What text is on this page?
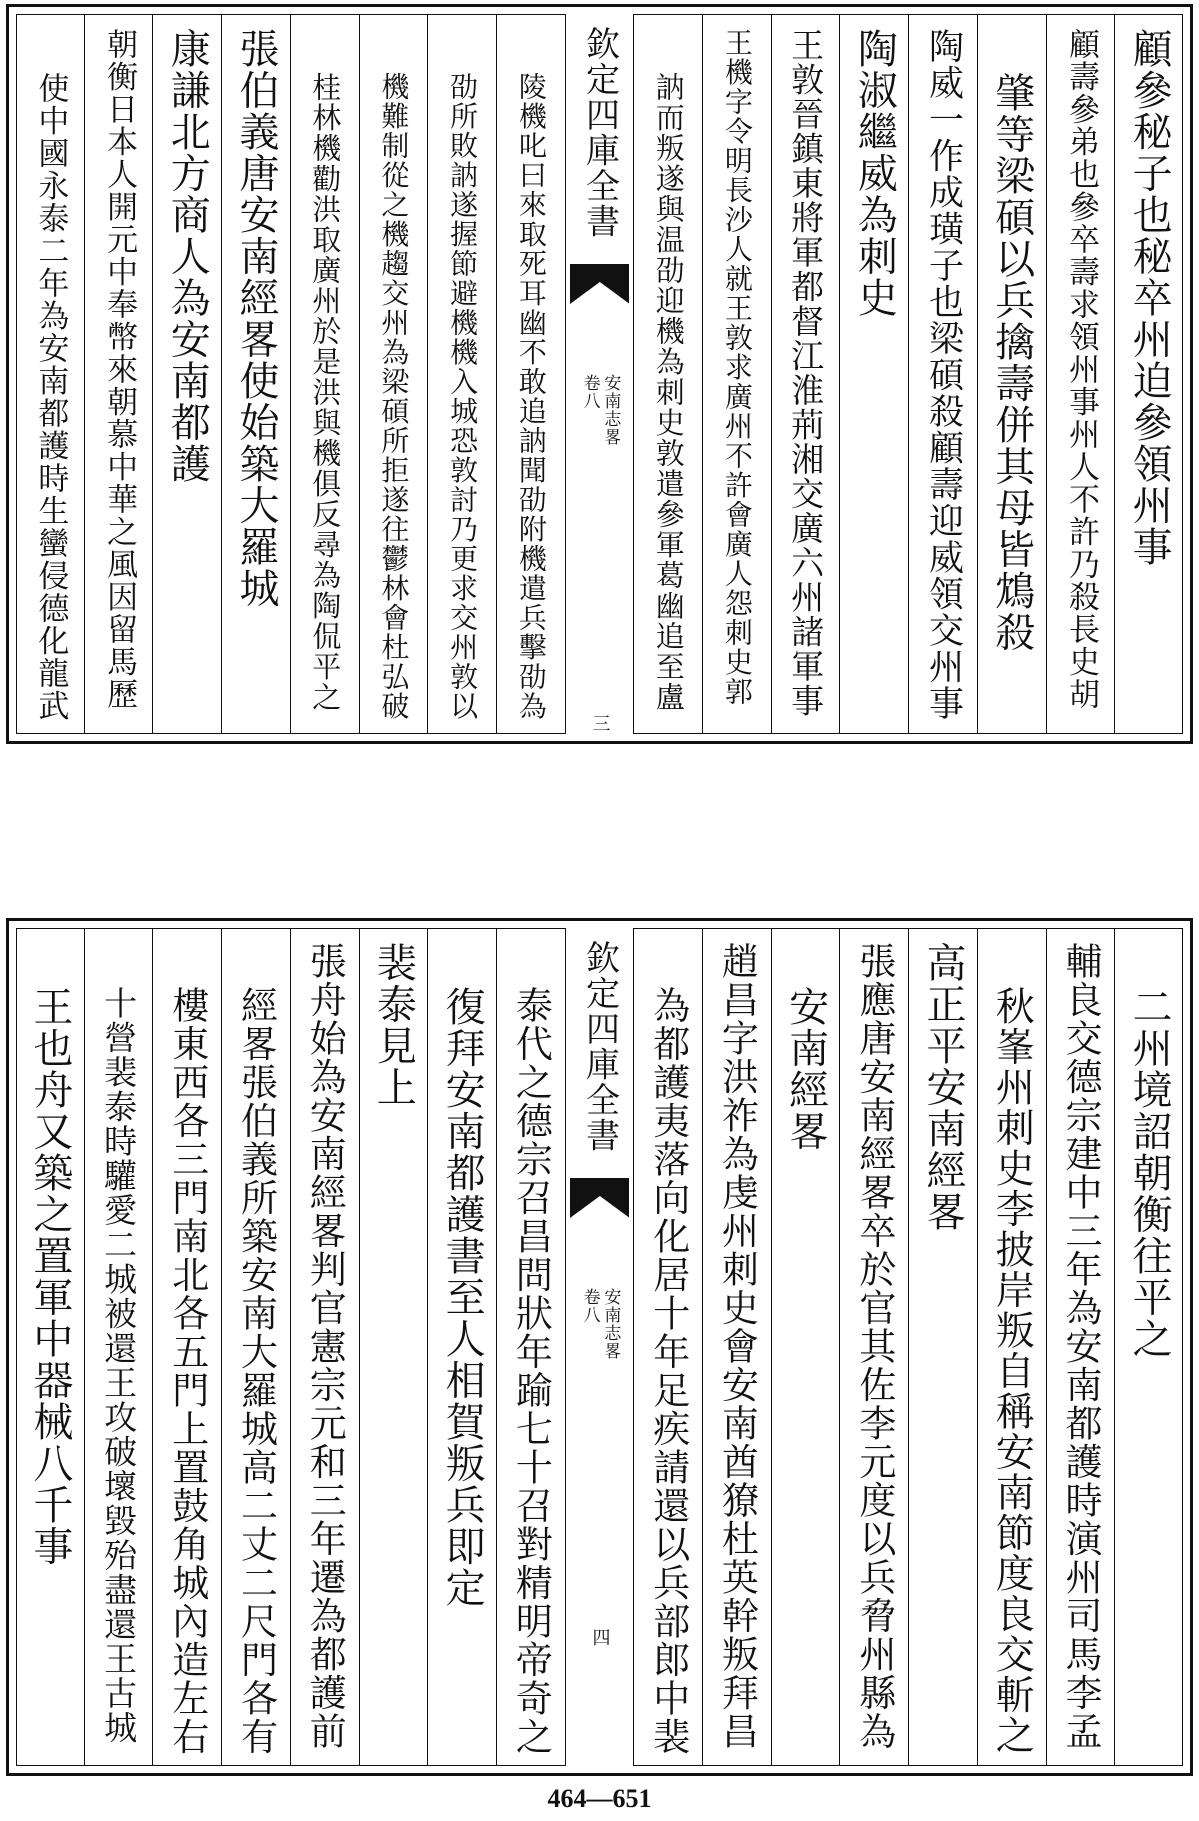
顧參秘子也秘卒州迫參領州事
顧壽參弟也參卒壽求領州事州人不許乃殺長史胡
肇等梁碩以兵擒壽併其母皆鴆殺
陶威一作成璜子也梁碩殺顧壽迎威領交州事
陶淑繼威為刺史
王敦晉鎮東將軍都督江淮荊湘交廣六州諸軍事
王機字令明長沙人就王敦求廣州不許會廣人怨刺史郭
訥而叛遂與温劭迎機為刺史敦遣參軍葛幽追至盧
欽定四庫全書
安南志畧
卷八
三
陵機叱曰來取死耳幽不敢追訥聞劭附機遣兵擊劭為
劭所敗訥遂握節避機機入城恐敦討乃更求交州敦以
機難制從之機趨交州為梁碩所拒遂往鬱林會杜弘破
桂林機勸洪取廣州於是洪與機俱反尋為陶侃平之
張伯義唐安南經畧使始築大羅城
康謙北方商人為安南都護
朝衡日本人開元中奉幣來朝慕中華之風因留馬歷
使中國永泰二年為安南都護時生蠻侵德化龍武
二州境詔朝衡往平之
輔良交德宗建中三年為安南都護時演州司馬李孟
秋峯州刺史李披岸叛自稱安南節度良交斬之
高正平安南經畧
張應唐安南經畧卒於官其佐李元度以兵脅州縣為
安南經畧
趙昌字洪祚為虔州刺史會安南酋獠杜英幹叛拜昌
為都護夷落向化居十年足疾請還以兵部郎中裴
欽定四庫全書
安南志畧
卷八
四
泰代之德宗召昌問狀年踰七十召對精明帝奇之
復拜安南都護書至人相賀叛兵即定
裴泰見上
張舟始為安南經畧判官憲宗元和三年遷為都護前
經畧張伯義所築安南大羅城高二丈二尺門各有
樓東西各三門南北各五門上置鼓角城內造左右
十營裴泰時驩愛二城被還王攻破壞毀殆盡還王古城
王也舟又築之置軍中器械八千事
464—651
